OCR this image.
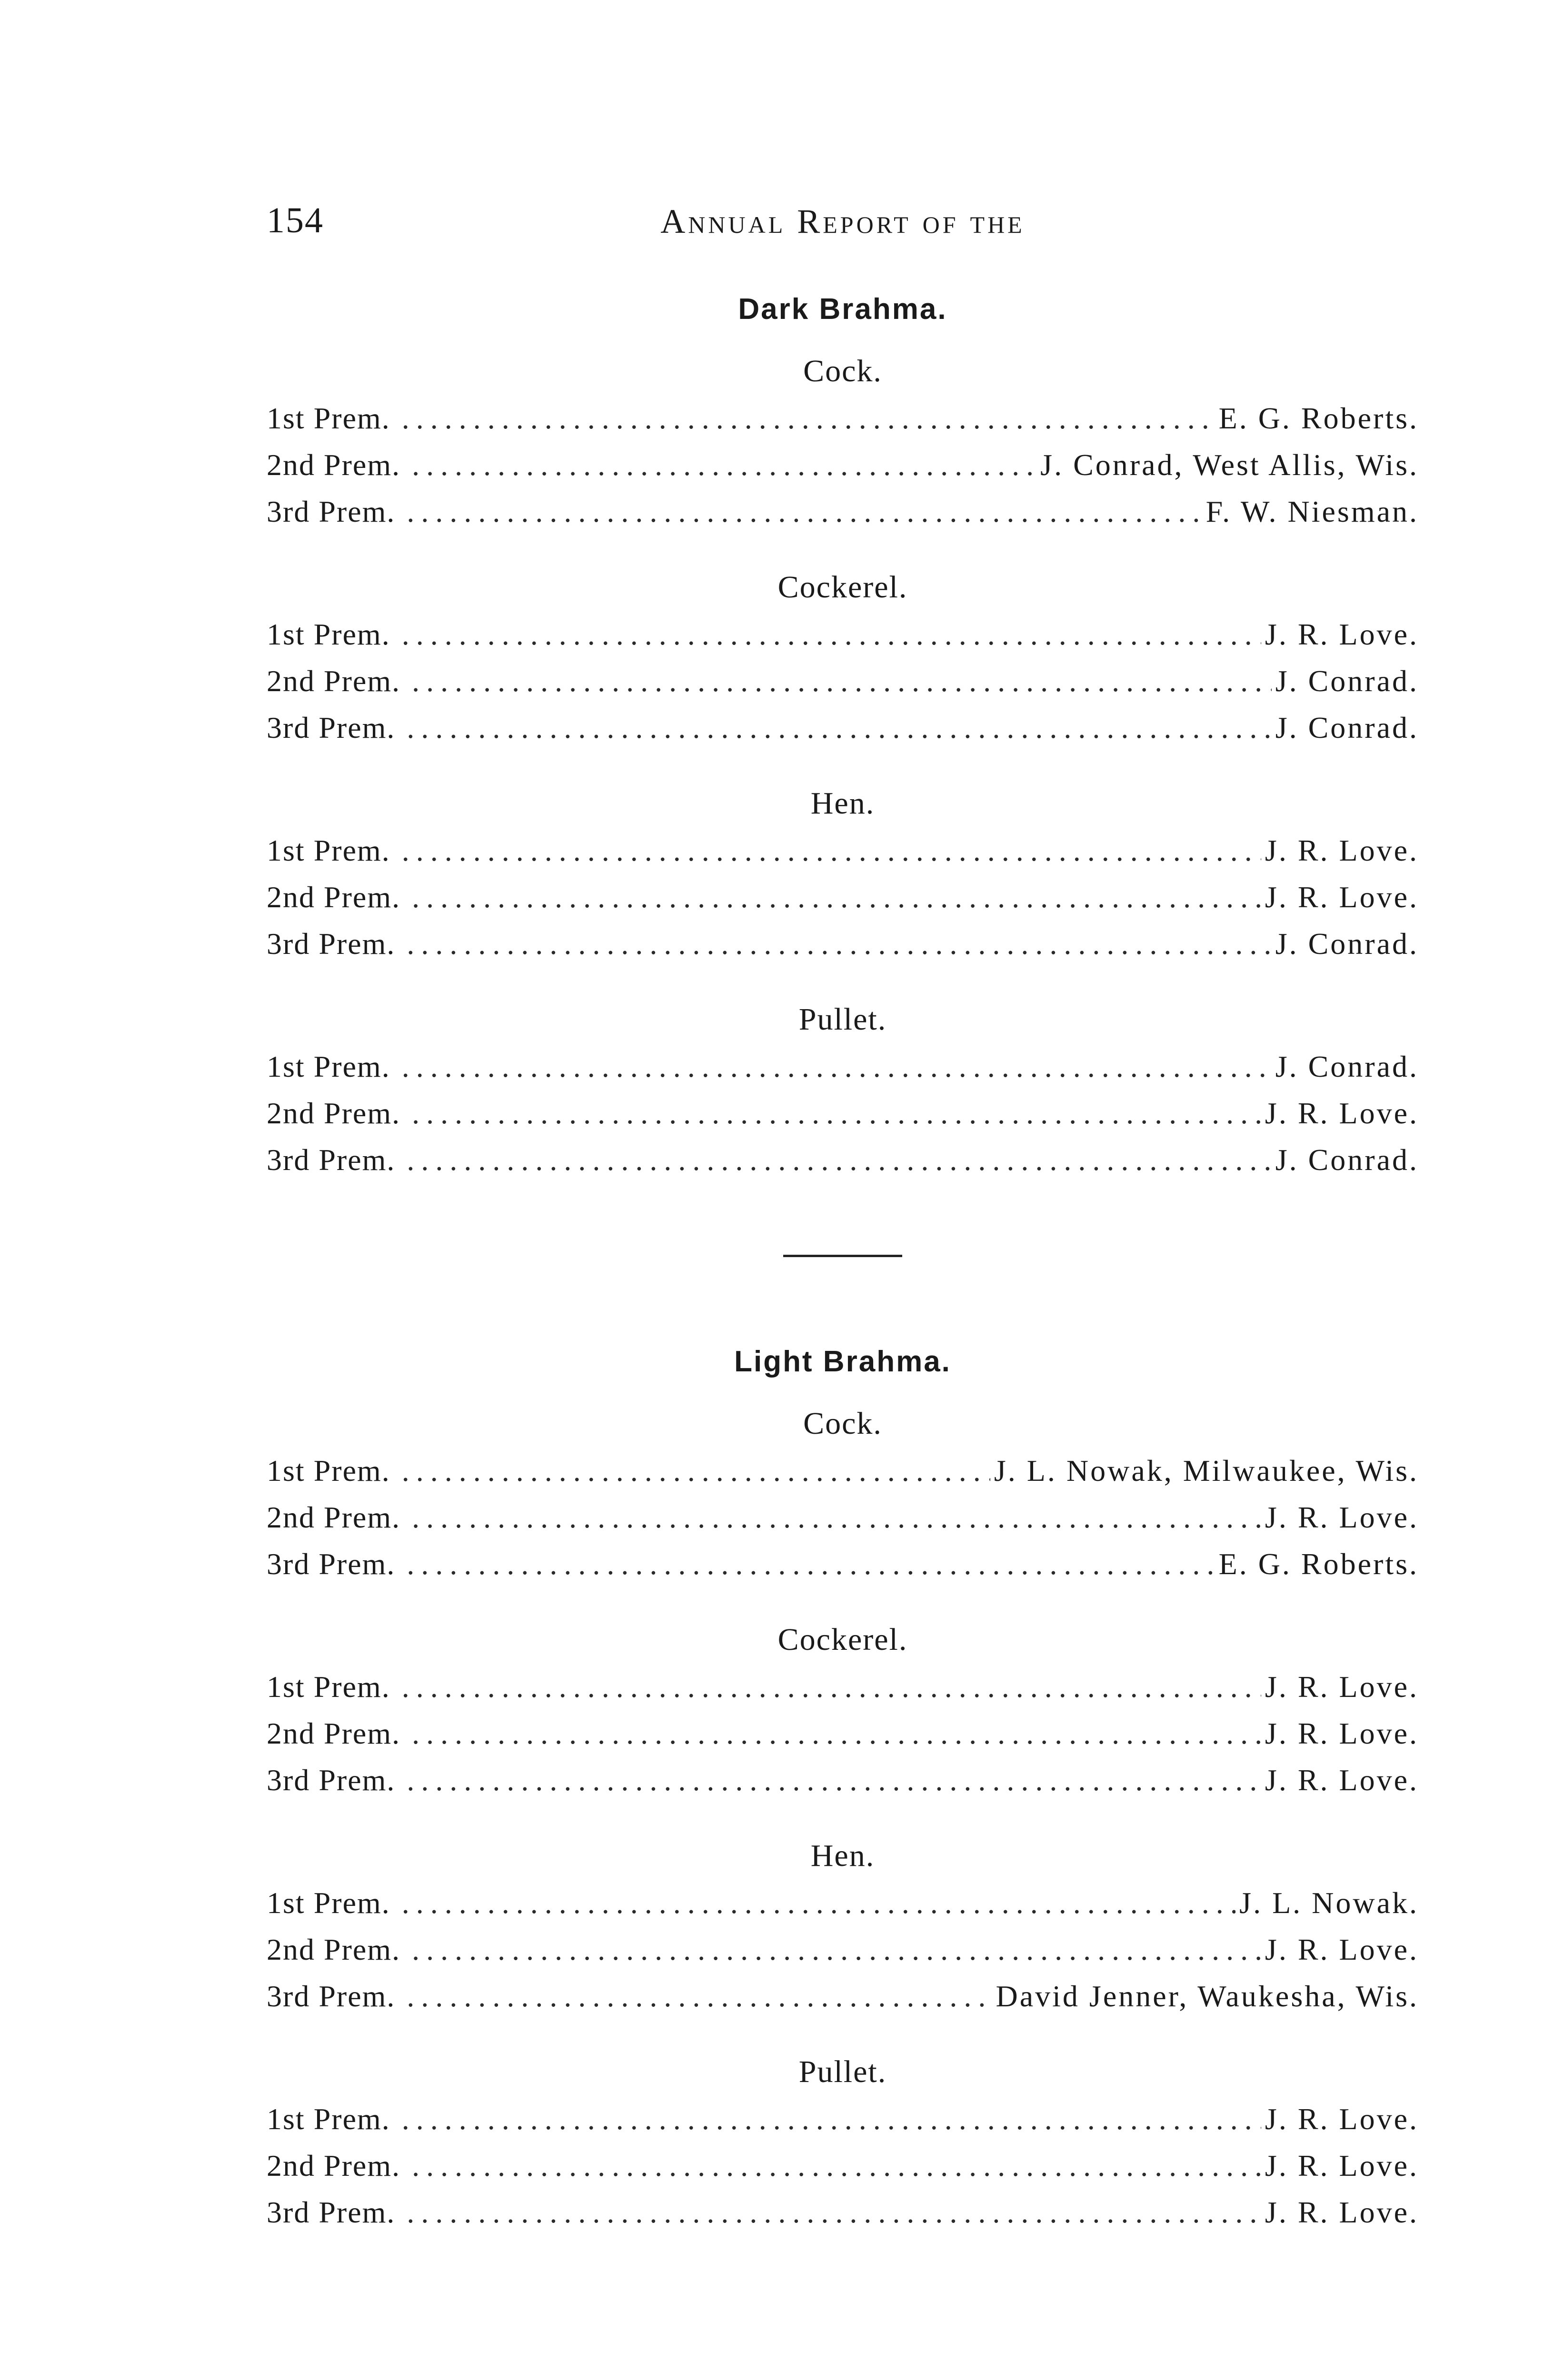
154	Annual Report of the
Dark Brahma.
Cock.
1st Prem. .....	E. G. Roberts.
2nd Prem. .....	J. Conrad, West Allis, Wis.
3rd Prem. .....	F. W. Niesman.
Cockerel.
1st Prem. .....	J. R. Love.
2nd Prem. .....	J. Conrad.
3rd Prem. .....	J. Conrad.
Hen.
1st Prem. .....	J. R. Love.
2nd Prem. .....	J. R. Love.
3rd Prem. .....	J. Conrad.
Pullet.
1st Prem. .....	J. Conrad.
2nd Prem. .....	J. R. Love.
3rd Prem. .....	J. Conrad.
Light Brahma.
Cock.
1st Prem. .....	J. L. Nowak, Milwaukee, Wis.
2nd Prem. .....	J. R. Love.
3rd Prem. .....	E. G. Roberts.
Cockerel.
1st Prem. .....	J. R. Love.
2nd Prem. .....	J. R. Love.
3rd Prem. .....	J. R. Love.
Hen.
1st Prem. .....	J. L. Nowak.
2nd Prem. .....	J. R. Love.
3rd Prem. .....	David Jenner, Waukesha, Wis.
Pullet.
1st Prem. .....	J. R. Love.
2nd Prem. .....	J. R. Love.
3rd Prem. .....	J. R. Love.
